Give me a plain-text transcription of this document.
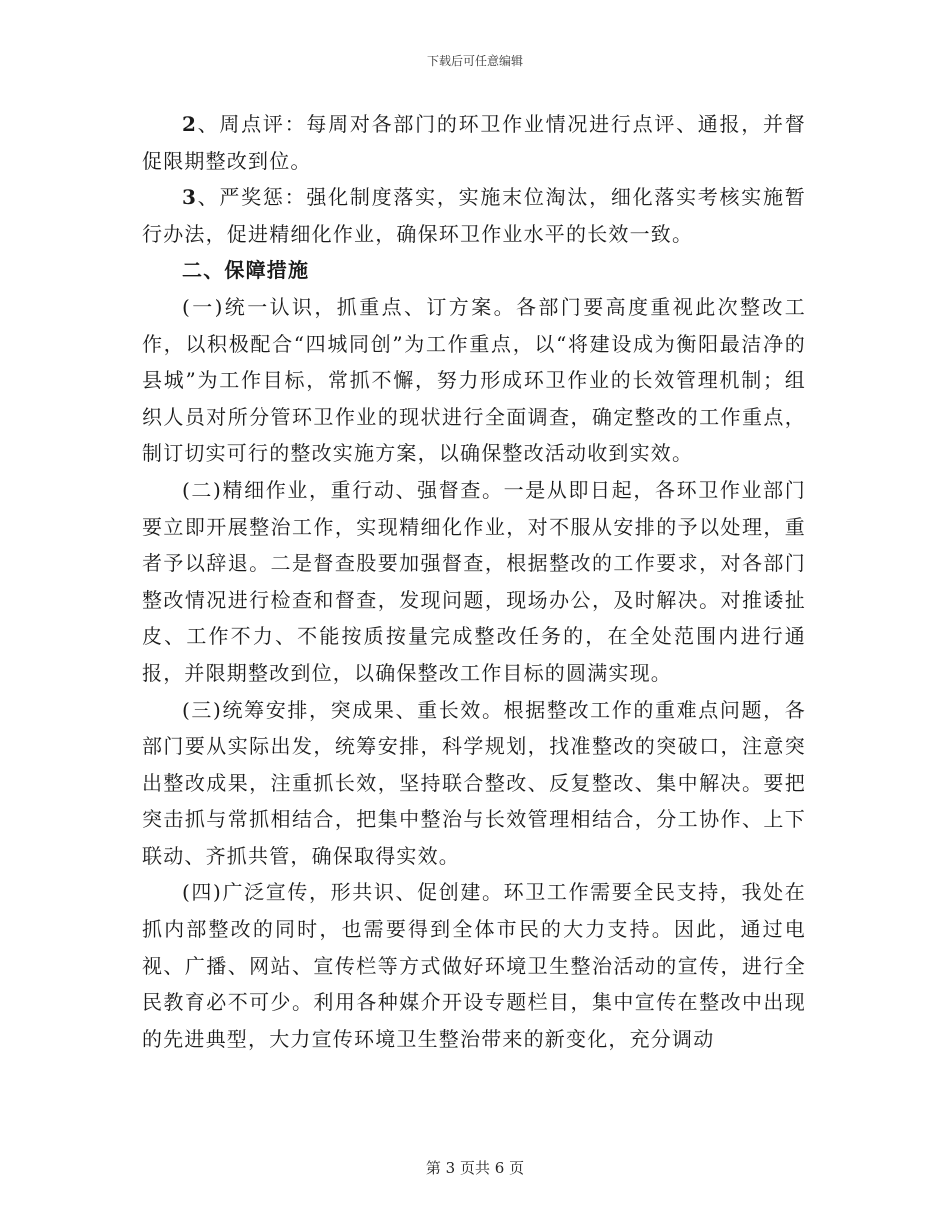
下载后可任意编辑

2、周点评：每周对各部门的环卫作业情况进行点评、通报，并督促限期整改到位。

3、严奖惩：强化制度落实，实施末位淘汰，细化落实考核实施暂行办法，促进精细化作业，确保环卫作业水平的长效一致。

二、保障措施

(一)统一认识，抓重点、订方案。各部门要高度重视此次整改工作，以积极配合“四城同创”为工作重点，以“将建设成为衡阳最洁净的县城”为工作目标，常抓不懈，努力形成环卫作业的长效管理机制；组织人员对所分管环卫作业的现状进行全面调查，确定整改的工作重点，制订切实可行的整改实施方案，以确保整改活动收到实效。

(二)精细作业，重行动、强督查。一是从即日起，各环卫作业部门要立即开展整治工作，实现精细化作业，对不服从安排的予以处理，重者予以辞退。二是督查股要加强督查，根据整改的工作要求，对各部门整改情况进行检查和督查，发现问题，现场办公，及时解决。对推诿扯皮、工作不力、不能按质按量完成整改任务的，在全处范围内进行通报，并限期整改到位，以确保整改工作目标的圆满实现。

(三)统筹安排，突成果、重长效。根据整改工作的重难点问题，各部门要从实际出发，统筹安排，科学规划，找准整改的突破口，注意突出整改成果，注重抓长效，坚持联合整改、反复整改、集中解决。要把突击抓与常抓相结合，把集中整治与长效管理相结合，分工协作、上下联动、齐抓共管，确保取得实效。

(四)广泛宣传，形共识、促创建。环卫工作需要全民支持，我处在抓内部整改的同时，也需要得到全体市民的大力支持。因此，通过电视、广播、网站、宣传栏等方式做好环境卫生整治活动的宣传，进行全民教育必不可少。利用各种媒介开设专题栏目，集中宣传在整改中出现的先进典型，大力宣传环境卫生整治带来的新变化，充分调动

第 3 页共 6 页
